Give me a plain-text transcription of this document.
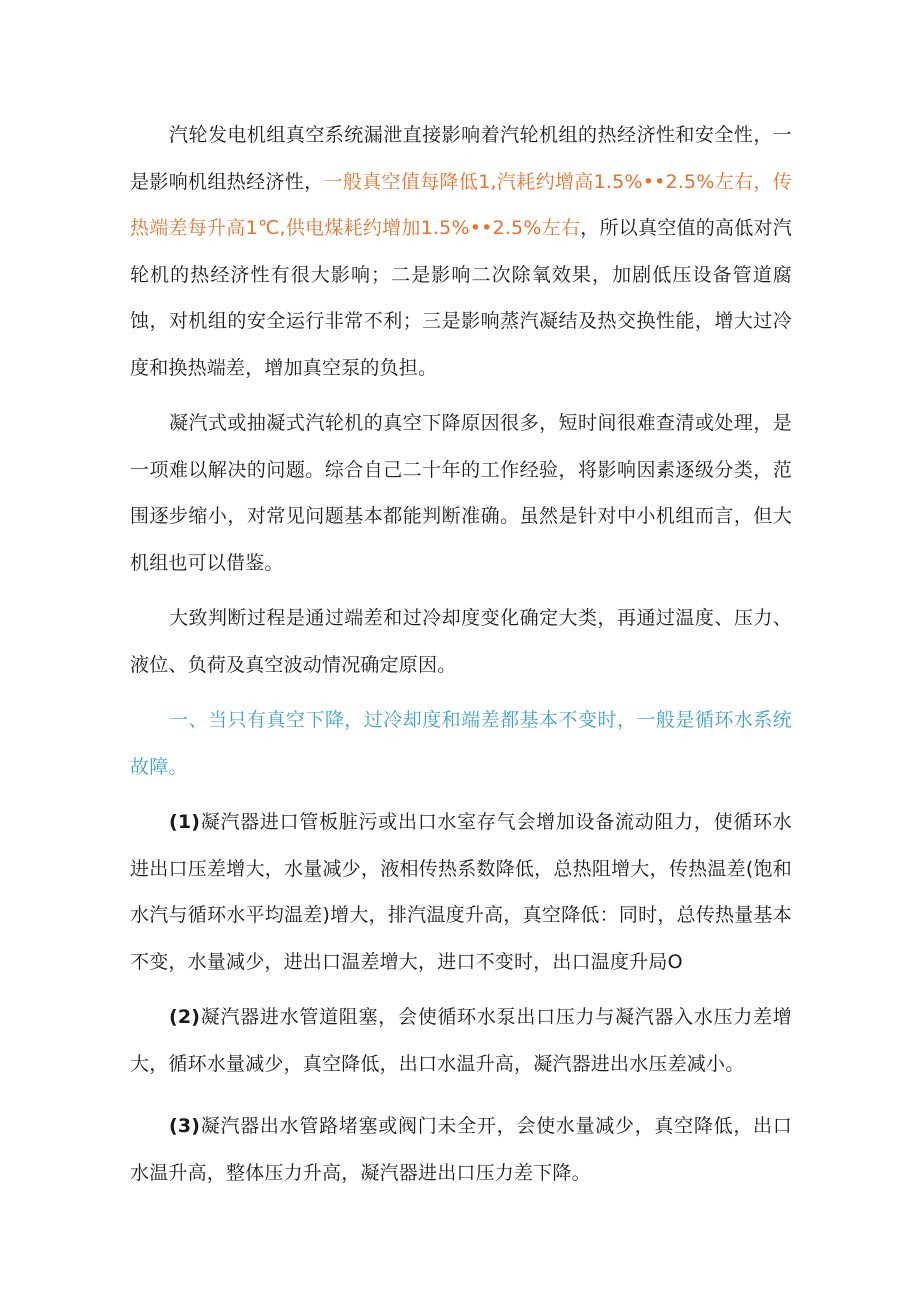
汽轮发电机组真空系统漏泄直接影响着汽轮机组的热经济性和安全性，一是影响机组热经济性，一般真空值每降低1,汽耗约增高1.5%••2.5%左右，传热端差每升高1℃,供电煤耗约增加1.5%••2.5%左右，所以真空值的高低对汽轮机的热经济性有很大影响；二是影响二次除氧效果，加剧低压设备管道腐蚀，对机组的安全运行非常不利；三是影响蒸汽凝结及热交换性能，增大过冷度和换热端差，增加真空泵的负担。

凝汽式或抽凝式汽轮机的真空下降原因很多，短时间很难查清或处理，是一项难以解决的问题。综合自己二十年的工作经验，将影响因素逐级分类，范围逐步缩小，对常见问题基本都能判断准确。虽然是针对中小机组而言，但大机组也可以借鉴。

大致判断过程是通过端差和过冷却度变化确定大类，再通过温度、压力、液位、负荷及真空波动情况确定原因。

一、当只有真空下降，过冷却度和端差都基本不变时，一般是循环水系统故障。

(1)凝汽器进口管板脏污或出口水室存气会增加设备流动阻力，使循环水进出口压差增大，水量减少，液相传热系数降低，总热阻增大，传热温差(饱和水汽与循环水平均温差)增大，排汽温度升高，真空降低：同时，总传热量基本不变，水量减少，进出口温差增大，进口不变时，出口温度升局O

(2)凝汽器进水管道阻塞，会使循环水泵出口压力与凝汽器入水压力差增大，循环水量减少，真空降低，出口水温升高，凝汽器进出水压差减小。

(3)凝汽器出水管路堵塞或阀门未全开，会使水量减少，真空降低，出口水温升高，整体压力升高，凝汽器进出口压力差下降。
